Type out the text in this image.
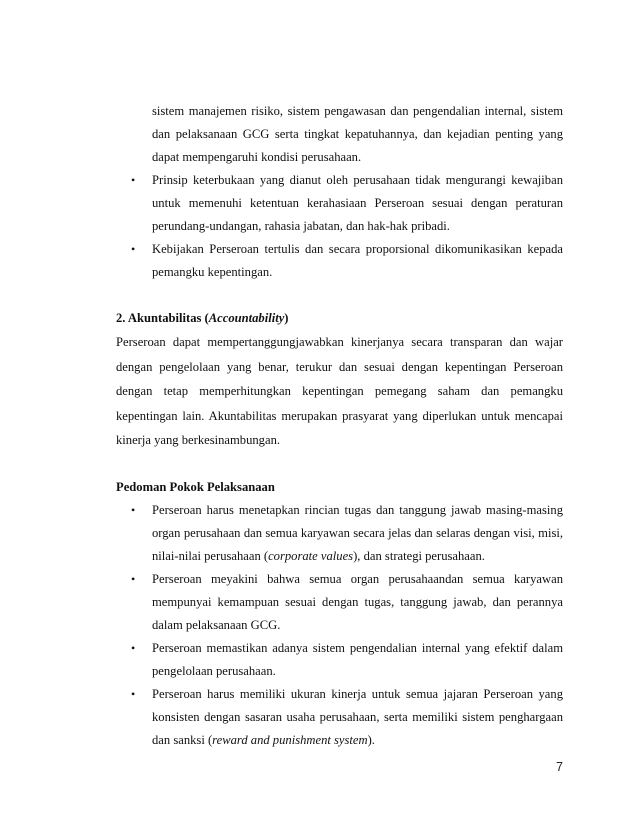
sistem manajemen risiko, sistem pengawasan dan pengendalian internal, sistem dan pelaksanaan GCG serta tingkat kepatuhannya, dan kejadian penting yang dapat mempengaruhi kondisi perusahaan.

• Prinsip keterbukaan yang dianut oleh perusahaan tidak mengurangi kewajiban untuk memenuhi ketentuan kerahasiaan Perseroan sesuai dengan peraturan perundang-undangan, rahasia jabatan, dan hak-hak pribadi.
• Kebijakan Perseroan tertulis dan secara proporsional dikomunikasikan kepada pemangku kepentingan.

2. Akuntabilitas (Accountability)

Perseroan dapat mempertanggungjawabkan kinerjanya secara transparan dan wajar dengan pengelolaan yang benar, terukur dan sesuai dengan kepentingan Perseroan dengan tetap memperhitungkan kepentingan pemegang saham dan pemangku kepentingan lain. Akuntabilitas merupakan prasyarat yang diperlukan untuk mencapai kinerja yang berkesinambungan.

Pedoman Pokok Pelaksanaan

• Perseroan harus menetapkan rincian tugas dan tanggung jawab masing-masing organ perusahaan dan semua karyawan secara jelas dan selaras dengan visi, misi, nilai-nilai perusahaan (corporate values), dan strategi perusahaan.
• Perseroan meyakini bahwa semua organ perusahaandan semua karyawan mempunyai kemampuan sesuai dengan tugas, tanggung jawab, dan perannya dalam pelaksanaan GCG.
• Perseroan memastikan adanya sistem pengendalian internal yang efektif dalam pengelolaan perusahaan.
• Perseroan harus memiliki ukuran kinerja untuk semua jajaran Perseroan yang konsisten dengan sasaran usaha perusahaan, serta memiliki sistem penghargaan dan sanksi (reward and punishment system).
7
